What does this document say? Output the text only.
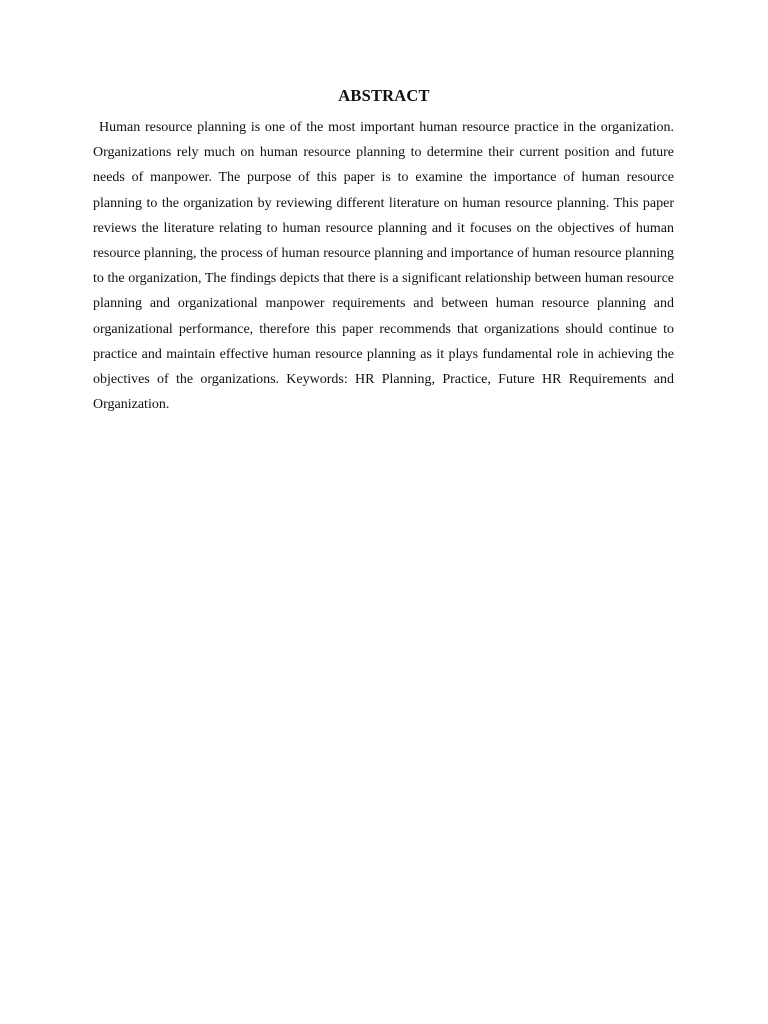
ABSTRACT

Human resource planning is one of the most important human resource practice in the organization. Organizations rely much on human resource planning to determine their current position and future needs of manpower. The purpose of this paper is to examine the importance of human resource planning to the organization by reviewing different literature on human resource planning. This paper reviews the literature relating to human resource planning and it focuses on the objectives of human resource planning, the process of human resource planning and importance of human resource planning to the organization, The findings depicts that there is a significant relationship between human resource planning and organizational manpower requirements and between human resource planning and organizational performance, therefore this paper recommends that organizations should continue to practice and maintain effective human resource planning as it plays fundamental role in achieving the objectives of the organizations. Keywords: HR Planning, Practice, Future HR Requirements and Organization.
